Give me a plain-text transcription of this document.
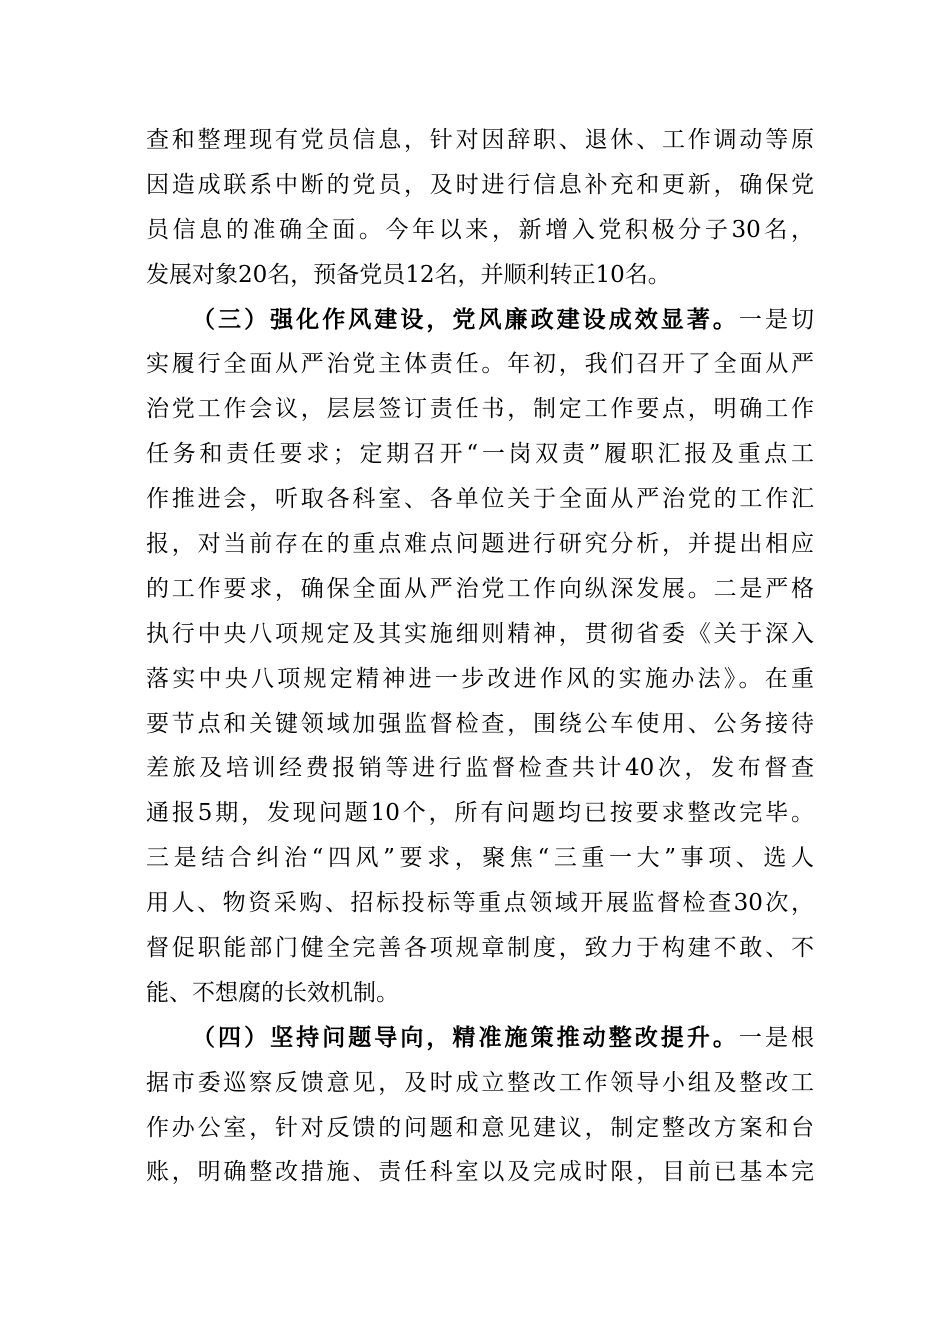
查和整理现有党员信息，针对因辞职、退休、工作调动等原
因造成联系中断的党员，及时进行信息补充和更新，确保党
员信息的准确全面。今年以来，新增入党积极分子30名，
发展对象20名，预备党员12名，并顺利转正10名。
（三）强化作风建设，党风廉政建设成效显著。一是切
实履行全面从严治党主体责任。年初，我们召开了全面从严
治党工作会议，层层签订责任书，制定工作要点，明确工作
任务和责任要求；定期召开“一岗双责”履职汇报及重点工
作推进会，听取各科室、各单位关于全面从严治党的工作汇
报，对当前存在的重点难点问题进行研究分析，并提出相应
的工作要求，确保全面从严治党工作向纵深发展。二是严格
执行中央八项规定及其实施细则精神，贯彻省委《关于深入
落实中央八项规定精神进一步改进作风的实施办法》。在重
要节点和关键领域加强监督检查，围绕公车使用、公务接待
差旅及培训经费报销等进行监督检查共计40次，发布督查
通报5期，发现问题10个，所有问题均已按要求整改完毕。
三是结合纠治“四风”要求，聚焦“三重一大”事项、选人
用人、物资采购、招标投标等重点领域开展监督检查30次，
督促职能部门健全完善各项规章制度，致力于构建不敢、不
能、不想腐的长效机制。
（四）坚持问题导向，精准施策推动整改提升。一是根
据市委巡察反馈意见，及时成立整改工作领导小组及整改工
作办公室，针对反馈的问题和意见建议，制定整改方案和台
账，明确整改措施、责任科室以及完成时限，目前已基本完
